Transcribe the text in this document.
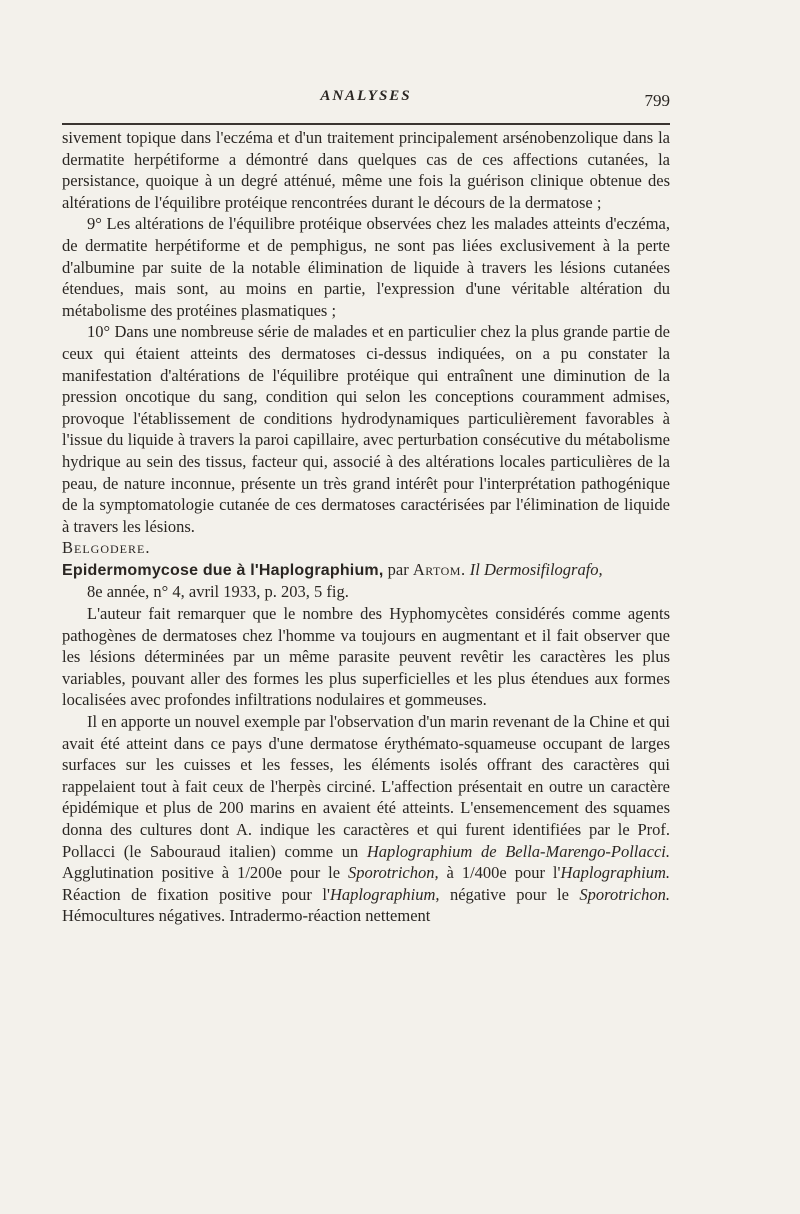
ANALYSES	799

sivement topique dans l'eczéma et d'un traitement principalement arsénobenzolique dans la dermatite herpétiforme a démontré dans quelques cas de ces affections cutanées, la persistance, quoique à un degré atténué, même une fois la guérison clinique obtenue des altérations de l'équilibre protéique rencontrées durant le décours de la dermatose ;

9° Les altérations de l'équilibre protéique observées chez les malades atteints d'eczéma, de dermatite herpétiforme et de pemphigus, ne sont pas liées exclusivement à la perte d'albumine par suite de la notable élimination de liquide à travers les lésions cutanées étendues, mais sont, au moins en partie, l'expression d'une véritable altération du métabolisme des protéines plasmatiques ;

10° Dans une nombreuse série de malades et en particulier chez la plus grande partie de ceux qui étaient atteints des dermatoses ci-dessus indiquées, on a pu constater la manifestation d'altérations de l'équilibre protéique qui entraînent une diminution de la pression oncotique du sang, condition qui selon les conceptions couramment admises, provoque l'établissement de conditions hydrodynamiques particulièrement favorables à l'issue du liquide à travers la paroi capillaire, avec perturbation consécutive du métabolisme hydrique au sein des tissus, facteur qui, associé à des altérations locales particulières de la peau, de nature inconnue, présente un très grand intérêt pour l'interprétation pathogénique de la symptomatologie cutanée de ces dermatoses caractérisées par l'élimination de liquide à travers les lésions.

Belgodere.

Epidermomycose due à l'Haplographium, par Artom. Il Dermosifilografo,
8e année, n° 4, avril 1933, p. 203, 5 fig.

L'auteur fait remarquer que le nombre des Hyphomycètes considérés comme agents pathogènes de dermatoses chez l'homme va toujours en augmentant et il fait observer que les lésions déterminées par un même parasite peuvent revêtir les caractères les plus variables, pouvant aller des formes les plus superficielles et les plus étendues aux formes localisées avec profondes infiltrations nodulaires et gommeuses.

Il en apporte un nouvel exemple par l'observation d'un marin revenant de la Chine et qui avait été atteint dans ce pays d'une dermatose érythémato-squameuse occupant de larges surfaces sur les cuisses et les fesses, les éléments isolés offrant des caractères qui rappelaient tout à fait ceux de l'herpès circiné. L'affection présentait en outre un caractère épidémique et plus de 200 marins en avaient été atteints. L'ensemencement des squames donna des cultures dont A. indique les caractères et qui furent identifiées par le Prof. Pollacci (le Sabouraud italien) comme un Haplographium de Bella-Marengo-Pollacci. Agglutination positive à 1/200e pour le Sporotrichon, à 1/400e pour l'Haplographium. Réaction de fixation positive pour l'Haplographium, négative pour le Sporotrichon. Hémocultures négatives. Intradermo-réaction nettement
